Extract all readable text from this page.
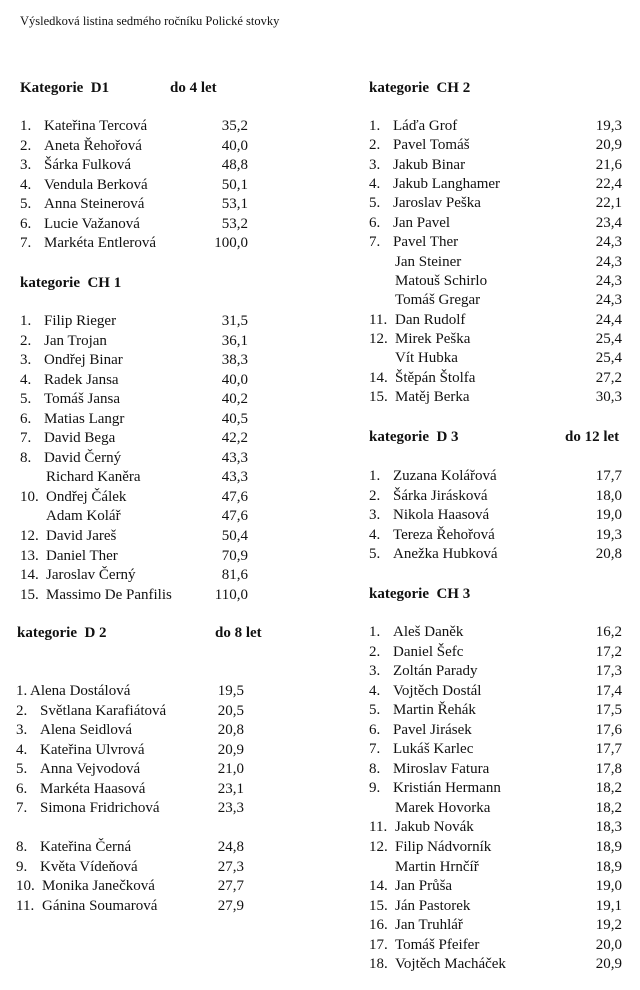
Výsledková listina sedmého ročníku Polické stovky
Kategorie  D1	do 4 let
1. Kateřina Tercová	35,2
2. Aneta Řehořová	40,0
3. Šárka Fulková	48,8
4. Vendula Berková	50,1
5. Anna Steinerová	53,1
6. Lucie Važanová	53,2
7. Markéta Entlerová	100,0
kategorie  CH 1
1. Filip Rieger	31,5
2. Jan Trojan	36,1
3. Ondřej Binar	38,3
4. Radek Jansa	40,0
5. Tomáš Jansa	40,2
6. Matias Langr	40,5
7. David Bega	42,2
8. David Černý	43,3
Richard Kaněra	43,3
10. Ondřej Čálek	47,6
Adam Kolář	47,6
12. David Jareš	50,4
13. Daniel Ther	70,9
14. Jaroslav Černý	81,6
15. Massimo De Panfilis	110,0
kategorie  D 2	do 8 let
1. Alena Dostálová	19,5
2. Světlana Karafiátová	20,5
3. Alena Seidlová	20,8
4. Kateřina Ulvrová	20,9
5. Anna Vejvodová	21,0
6. Markéta Haasová	23,1
7. Simona Fridrichová	23,3
8. Kateřina Černá	24,8
9. Květa Vídeňová	27,3
10. Monika Janečková	27,7
11. Gánina Soumarová	27,9
kategorie  CH 2
1. Láďa Grof	19,3
2. Pavel Tomáš	20,9
3. Jakub Binar	21,6
4. Jakub Langhamer	22,4
5. Jaroslav Peška	22,1
6. Jan Pavel	23,4
7. Pavel Ther	24,3
Jan Steiner	24,3
Matouš Schirlo	24,3
Tomáš Gregar	24,3
11. Dan Rudolf	24,4
12. Mirek Peška	25,4
Vít Hubka	25,4
14. Štěpán Štolfa	27,2
15. Matěj Berka	30,3
kategorie  D 3	do 12 let
1. Zuzana Kolářová	17,7
2. Šárka Jirásková	18,0
3. Nikola Haasová	19,0
4. Tereza Řehořová	19,3
5. Anežka Hubková	20,8
kategorie  CH 3
1. Aleš Daněk	16,2
2. Daniel Šefc	17,2
3. Zoltán Parady	17,3
4. Vojtěch Dostál	17,4
5. Martin Řehák	17,5
6. Pavel Jirásek	17,6
7. Lukáš Karlec	17,7
8. Miroslav Fatura	17,8
9. Kristián Hermann	18,2
Marek Hovorka	18,2
11. Jakub Novák	18,3
12. Filip Nádvorník	18,9
Martin Hrnčíř	18,9
14. Jan Průša	19,0
15. Ján Pastorek	19,1
16. Jan Truhlář	19,2
17. Tomáš Pfeifer	20,0
18. Vojtěch Macháček	20,9
